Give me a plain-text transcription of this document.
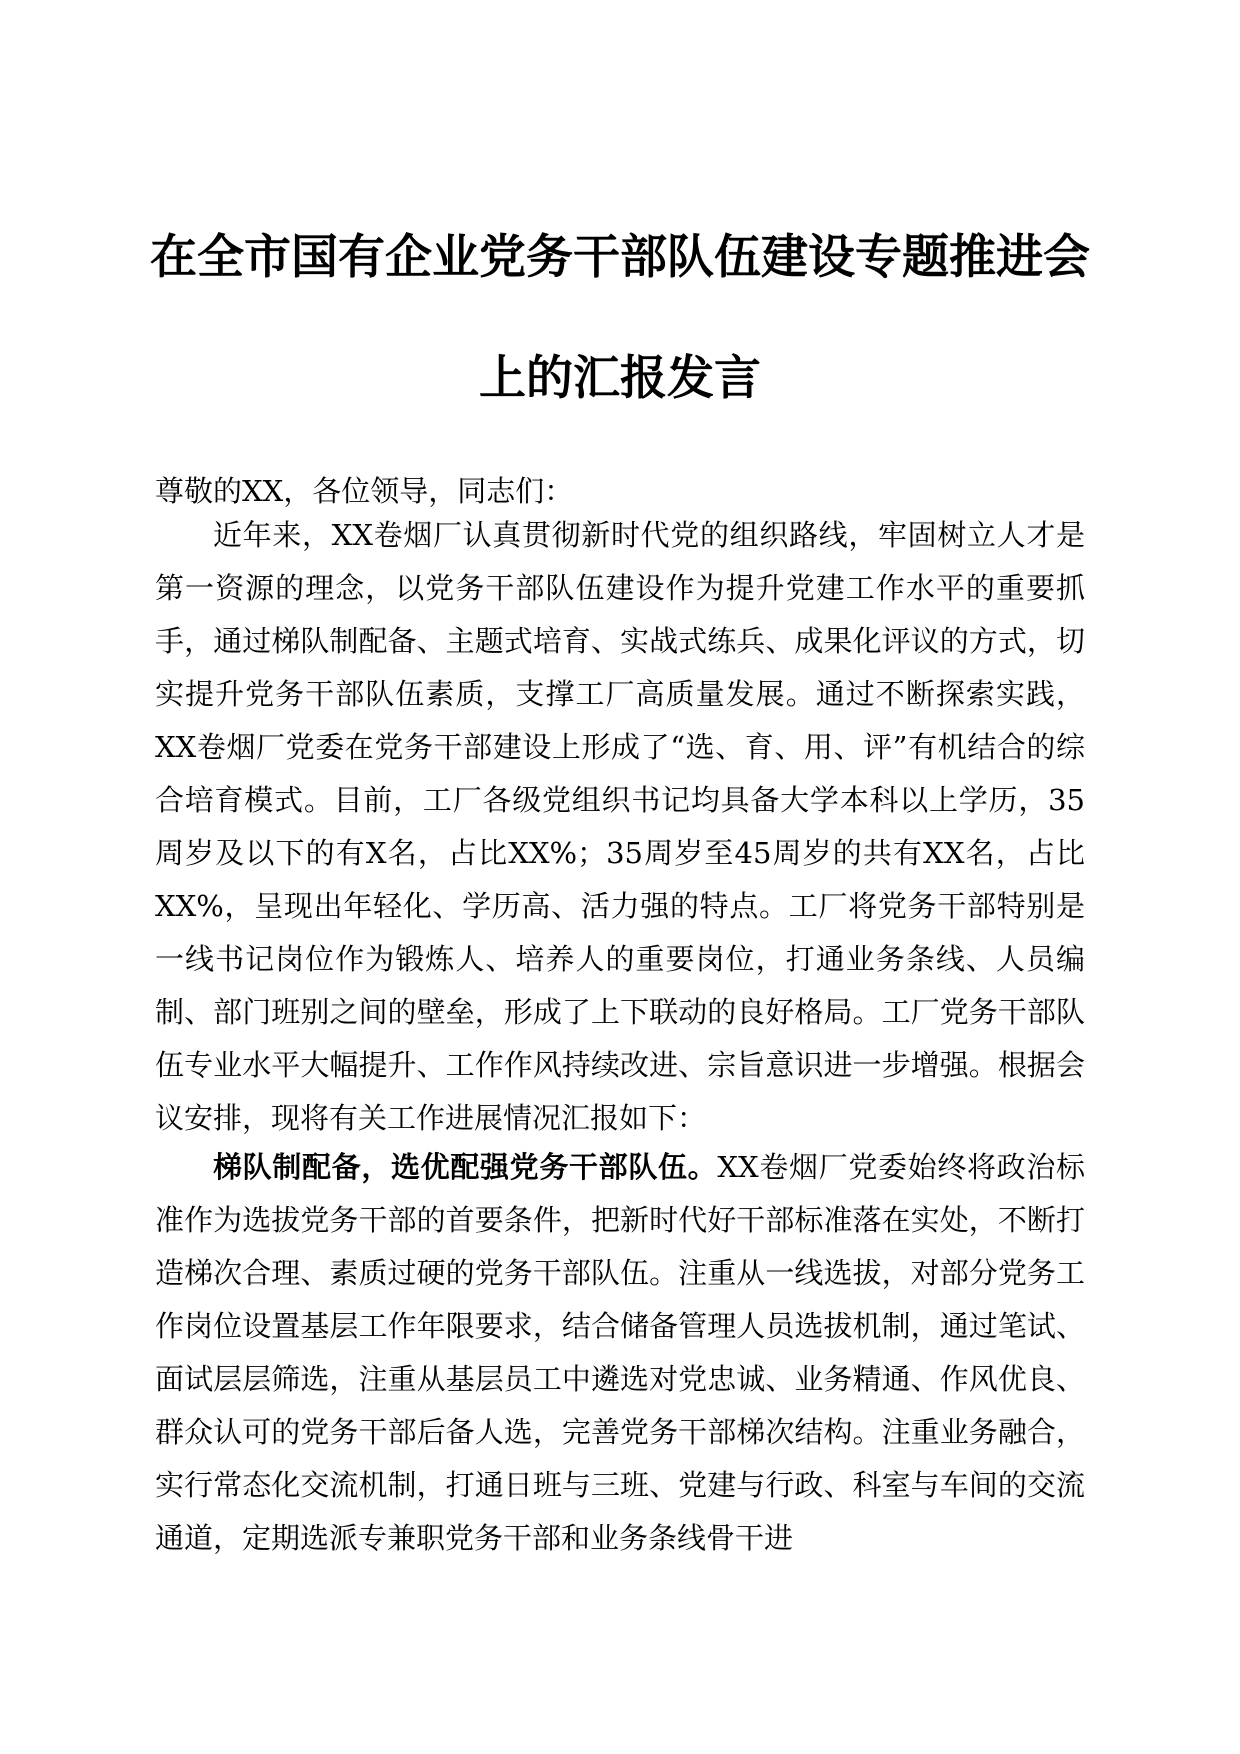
在全市国有企业党务干部队伍建设专题推进会
上的汇报发言
尊敬的XX，各位领导，同志们：

近年来，XX卷烟厂认真贯彻新时代党的组织路线，牢固树立人才是第一资源的理念，以党务干部队伍建设作为提升党建工作水平的重要抓手，通过梯队制配备、主题式培育、实战式练兵、成果化评议的方式，切实提升党务干部队伍素质，支撑工厂高质量发展。通过不断探索实践，XX卷烟厂党委在党务干部建设上形成了“选、育、用、评”有机结合的综合培育模式。目前，工厂各级党组织书记均具备大学本科以上学历，35周岁及以下的有X名，占比XX%；35周岁至45周岁的共有XX名，占比XX%，呈现出年轻化、学历高、活力强的特点。工厂将党务干部特别是一线书记岗位作为锻炼人、培养人的重要岗位，打通业务条线、人员编制、部门班别之间的壁垒，形成了上下联动的良好格局。工厂党务干部队伍专业水平大幅提升、工作作风持续改进、宗旨意识进一步增强。根据会议安排，现将有关工作进展情况汇报如下：

梯队制配备，选优配强党务干部队伍。XX卷烟厂党委始终将政治标准作为选拔党务干部的首要条件，把新时代好干部标准落在实处，不断打造梯次合理、素质过硬的党务干部队伍。注重从一线选拔，对部分党务工作岗位设置基层工作年限要求，结合储备管理人员选拔机制，通过笔试、面试层层筛选，注重从基层员工中遴选对党忠诚、业务精通、作风优良、群众认可的党务干部后备人选，完善党务干部梯次结构。注重业务融合，实行常态化交流机制，打通日班与三班、党建与行政、科室与车间的交流通道，定期选派专兼职党务干部和业务条线骨干进
